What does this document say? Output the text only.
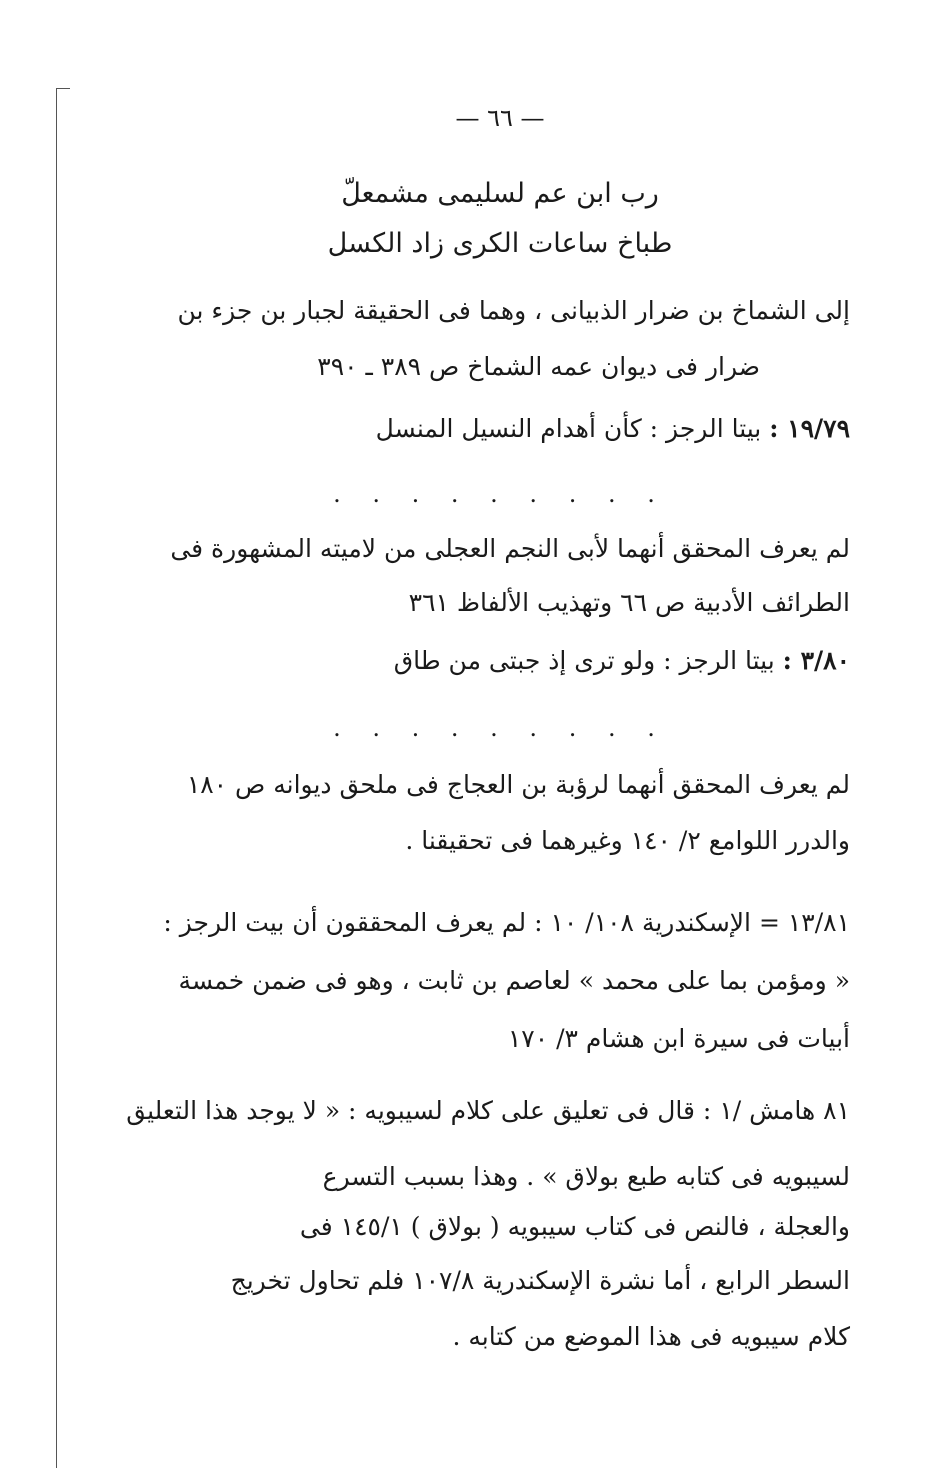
— ٦٦ —
رب ابن عم لسليمى مشمعلّ
طباخ ساعات الكرى زاد الكسل
إلى الشماخ بن ضرار الذبيانى ، وهما فى الحقيقة لجبار بن جزء بن
ضرار فى ديوان عمه الشماخ ص ٣٨٩ ـ ٣٩٠
١٩/٧٩ : بيتا الرجز : كأن أهدام النسيل المنسل
. . . . . . . . .
لم يعرف المحقق أنهما لأبى النجم العجلى من لاميته المشهورة فى
الطرائف الأدبية ص ٦٦ وتهذيب الألفاظ ٣٦١
٣/٨٠ : بيتا الرجز : ولو ترى إذ جبتى من طاق
. . . . . . . . .
لم يعرف المحقق أنهما لرؤبة بن العجاج فى ملحق ديوانه ص ١٨٠
والدرر اللوامع ٢/ ١٤٠ وغيرهما فى تحقيقنا .
١٣/٨١ = الإسكندرية ١٠٨/ ١٠ : لم يعرف المحققون أن بيت الرجز :
« ومؤمن بما على محمد » لعاصم بن ثابت ، وهو فى ضمن خمسة
أبيات فى سيرة ابن هشام ٣/ ١٧٠
٨١ هامش /١ : قال فى تعليق على كلام لسيبويه : « لا يوجد هذا التعليق
لسيبويه فى كتابه طبع بولاق » . وهذا بسبب التسرع
والعجلة ، فالنص فى كتاب سيبويه ( بولاق ) ١٤٥/١ فى
السطر الرابع ، أما نشرة الإسكندرية ١٠٧/٨ فلم تحاول تخريج
كلام سيبويه فى هذا الموضع من كتابه .
